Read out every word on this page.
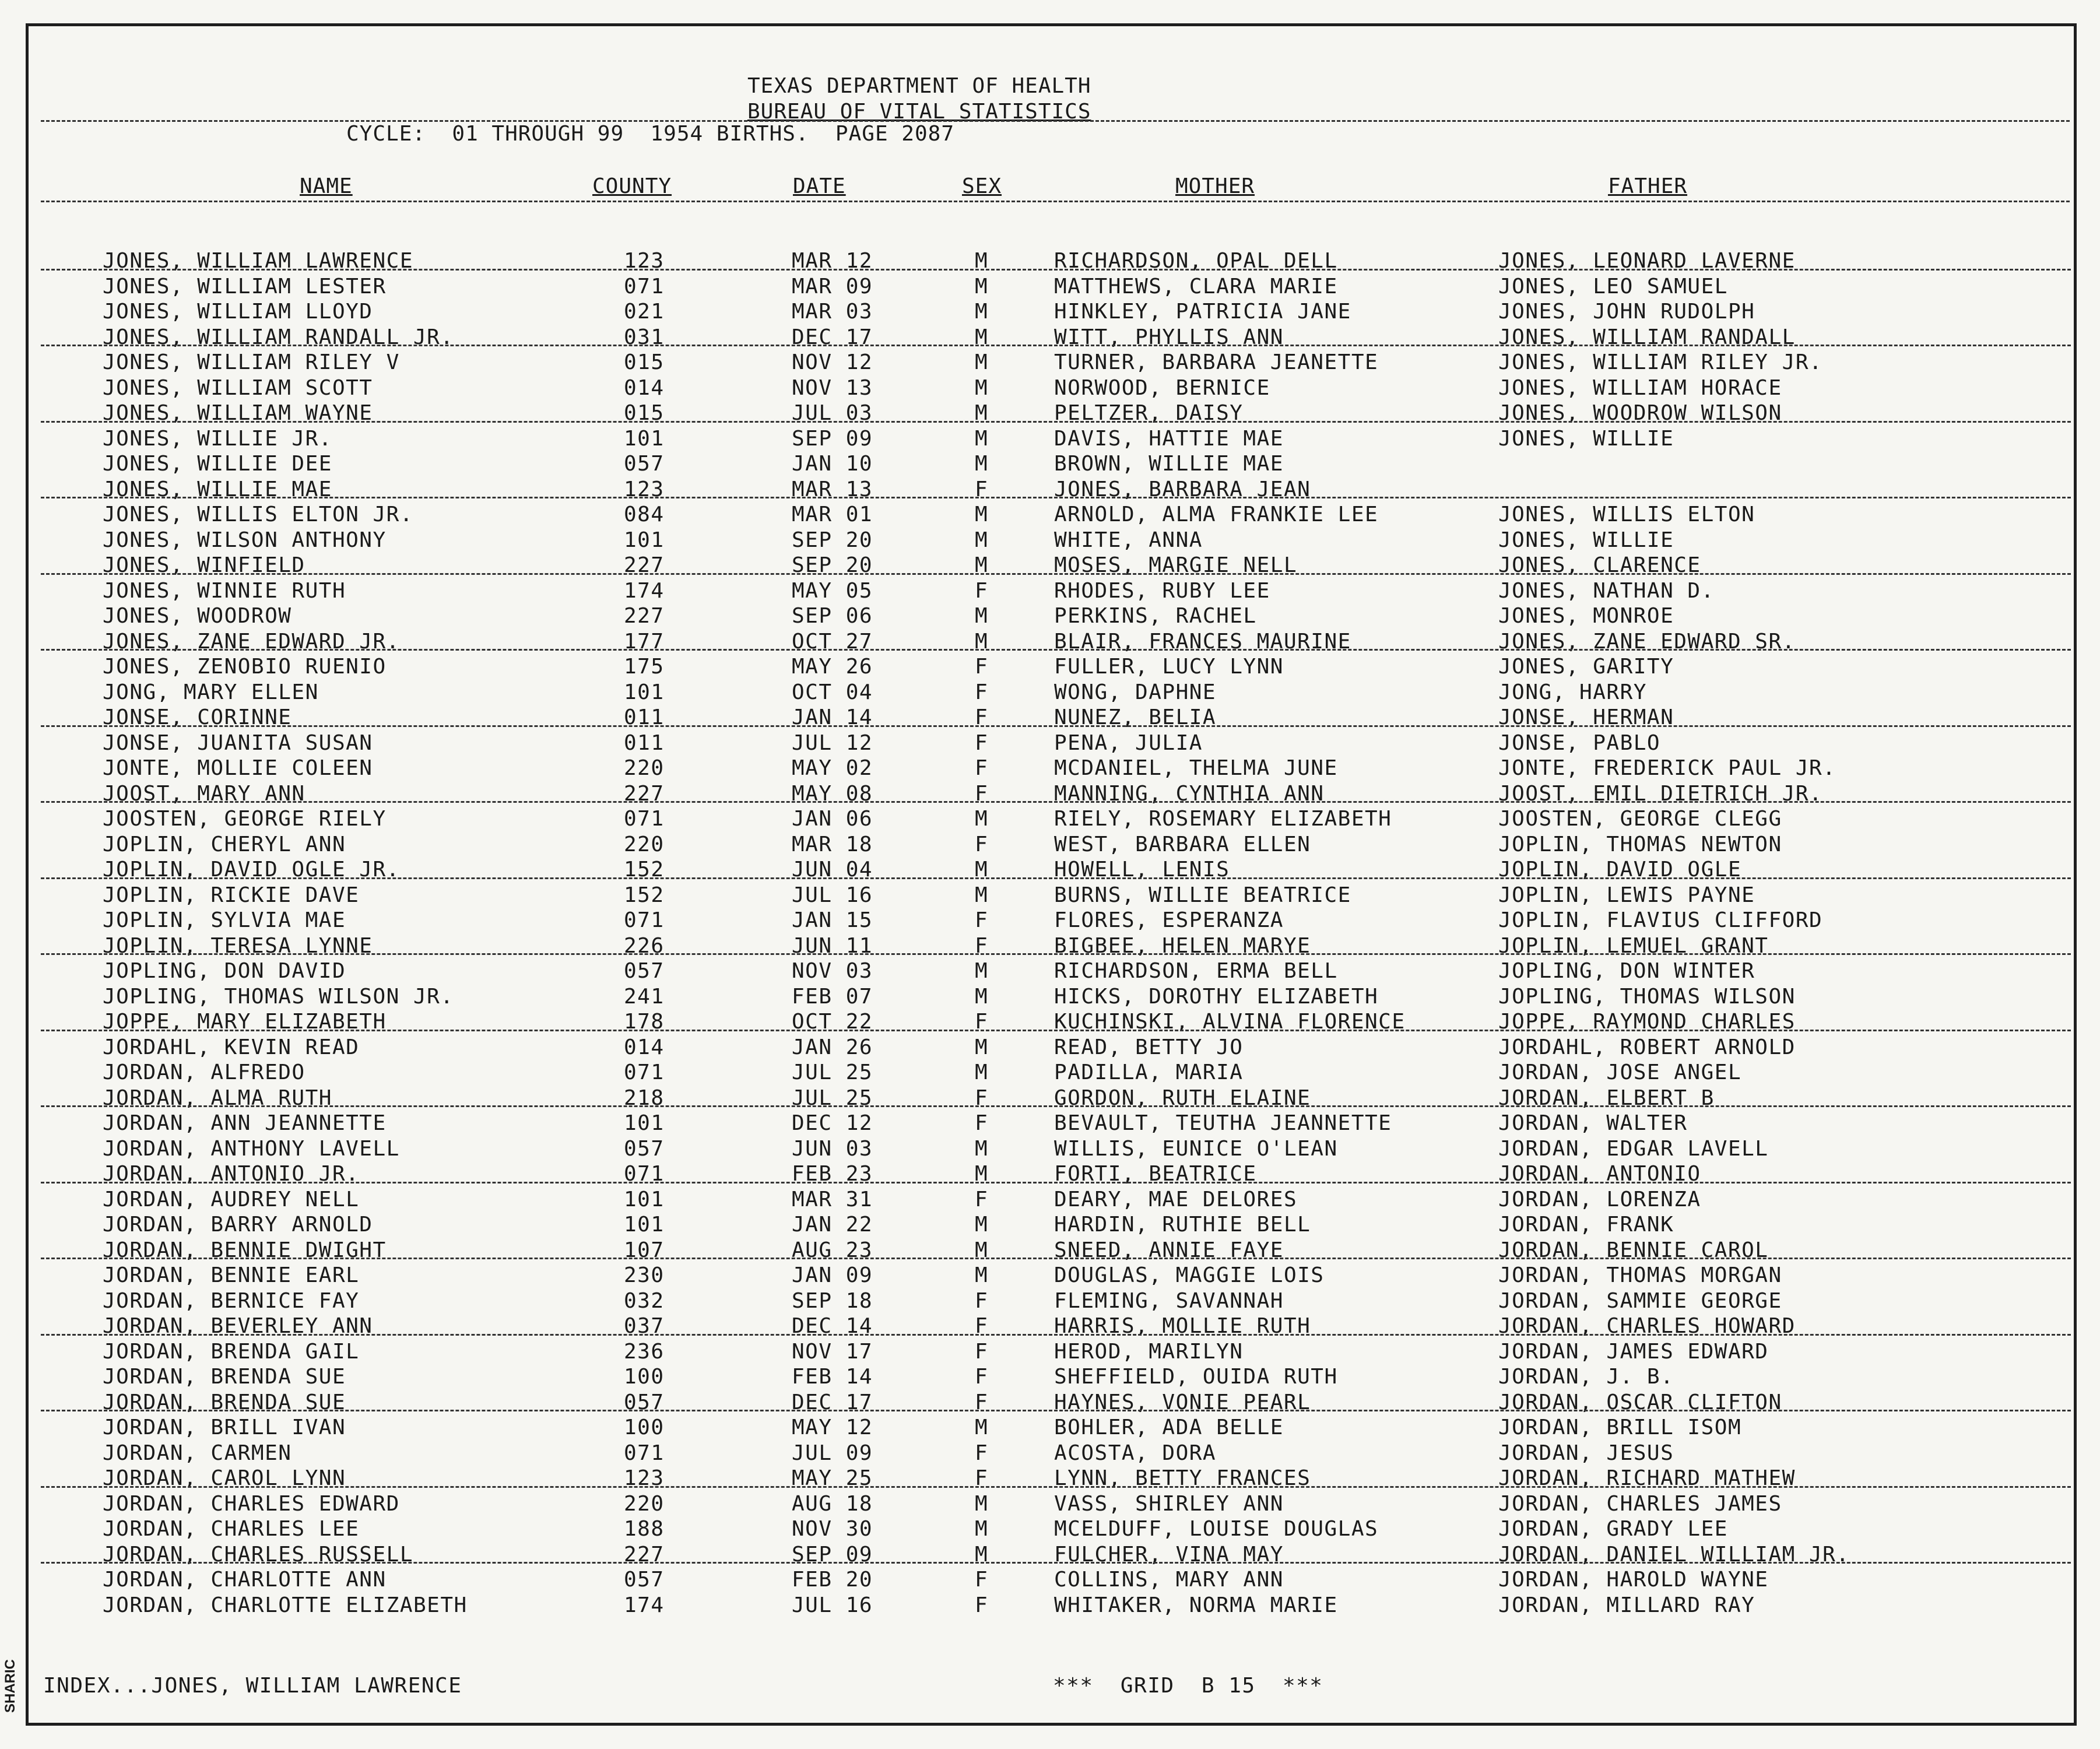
TEXAS DEPARTMENT OF HEALTH
BUREAU OF VITAL STATISTICS
CYCLE:  01 THROUGH 99  1954 BIRTHS.  PAGE 2087
NAME	COUNTY	DATE	SEX	MOTHER	FATHER
JONES, WILLIAM LAWRENCE	123	MAR 12	M	RICHARDSON, OPAL DELL	JONES, LEONARD LAVERNE
JONES, WILLIAM LESTER	071	MAR 09	M	MATTHEWS, CLARA MARIE	JONES, LEO SAMUEL
JONES, WILLIAM LLOYD	021	MAR 03	M	HINKLEY, PATRICIA JANE	JONES, JOHN RUDOLPH
JONES, WILLIAM RANDALL JR.	031	DEC 17	M	WITT, PHYLLIS ANN	JONES, WILLIAM RANDALL
JONES, WILLIAM RILEY V	015	NOV 12	M	TURNER, BARBARA JEANETTE	JONES, WILLIAM RILEY JR.
JONES, WILLIAM SCOTT	014	NOV 13	M	NORWOOD, BERNICE	JONES, WILLIAM HORACE
JONES, WILLIAM WAYNE	015	JUL 03	M	PELTZER, DAISY	JONES, WOODROW WILSON
JONES, WILLIE JR.	101	SEP 09	M	DAVIS, HATTIE MAE	JONES, WILLIE
JONES, WILLIE DEE	057	JAN 10	M	BROWN, WILLIE MAE
JONES, WILLIE MAE	123	MAR 13	F	JONES, BARBARA JEAN
JONES, WILLIS ELTON JR.	084	MAR 01	M	ARNOLD, ALMA FRANKIE LEE	JONES, WILLIS ELTON
JONES, WILSON ANTHONY	101	SEP 20	M	WHITE, ANNA	JONES, WILLIE
JONES, WINFIELD	227	SEP 20	M	MOSES, MARGIE NELL	JONES, CLARENCE
JONES, WINNIE RUTH	174	MAY 05	F	RHODES, RUBY LEE	JONES, NATHAN D.
JONES, WOODROW	227	SEP 06	M	PERKINS, RACHEL	JONES, MONROE
JONES, ZANE EDWARD JR.	177	OCT 27	M	BLAIR, FRANCES MAURINE	JONES, ZANE EDWARD SR.
JONES, ZENOBIO RUENIO	175	MAY 26	F	FULLER, LUCY LYNN	JONES, GARITY
JONG, MARY ELLEN	101	OCT 04	F	WONG, DAPHNE	JONG, HARRY
JONSE, CORINNE	011	JAN 14	F	NUNEZ, BELIA	JONSE, HERMAN
JONSE, JUANITA SUSAN	011	JUL 12	F	PENA, JULIA	JONSE, PABLO
JONTE, MOLLIE COLEEN	220	MAY 02	F	MCDANIEL, THELMA JUNE	JONTE, FREDERICK PAUL JR.
JOOST, MARY ANN	227	MAY 08	F	MANNING, CYNTHIA ANN	JOOST, EMIL DIETRICH JR.
JOOSTEN, GEORGE RIELY	071	JAN 06	M	RIELY, ROSEMARY ELIZABETH	JOOSTEN, GEORGE CLEGG
JOPLIN, CHERYL ANN	220	MAR 18	F	WEST, BARBARA ELLEN	JOPLIN, THOMAS NEWTON
JOPLIN, DAVID OGLE JR.	152	JUN 04	M	HOWELL, LENIS	JOPLIN, DAVID OGLE
JOPLIN, RICKIE DAVE	152	JUL 16	M	BURNS, WILLIE BEATRICE	JOPLIN, LEWIS PAYNE
JOPLIN, SYLVIA MAE	071	JAN 15	F	FLORES, ESPERANZA	JOPLIN, FLAVIUS CLIFFORD
JOPLIN, TERESA LYNNE	226	JUN 11	F	BIGBEE, HELEN MARYE	JOPLIN, LEMUEL GRANT
JOPLING, DON DAVID	057	NOV 03	M	RICHARDSON, ERMA BELL	JOPLING, DON WINTER
JOPLING, THOMAS WILSON JR.	241	FEB 07	M	HICKS, DOROTHY ELIZABETH	JOPLING, THOMAS WILSON
JOPPE, MARY ELIZABETH	178	OCT 22	F	KUCHINSKI, ALVINA FLORENCE	JOPPE, RAYMOND CHARLES
JORDAHL, KEVIN READ	014	JAN 26	M	READ, BETTY JO	JORDAHL, ROBERT ARNOLD
JORDAN, ALFREDO	071	JUL 25	M	PADILLA, MARIA	JORDAN, JOSE ANGEL
JORDAN, ALMA RUTH	218	JUL 25	F	GORDON, RUTH ELAINE	JORDAN, ELBERT B
JORDAN, ANN JEANNETTE	101	DEC 12	F	BEVAULT, TEUTHA JEANNETTE	JORDAN, WALTER
JORDAN, ANTHONY LAVELL	057	JUN 03	M	WILLIS, EUNICE O'LEAN	JORDAN, EDGAR LAVELL
JORDAN, ANTONIO JR.	071	FEB 23	M	FORTI, BEATRICE	JORDAN, ANTONIO
JORDAN, AUDREY NELL	101	MAR 31	F	DEARY, MAE DELORES	JORDAN, LORENZA
JORDAN, BARRY ARNOLD	101	JAN 22	M	HARDIN, RUTHIE BELL	JORDAN, FRANK
JORDAN, BENNIE DWIGHT	107	AUG 23	M	SNEED, ANNIE FAYE	JORDAN, BENNIE CAROL
JORDAN, BENNIE EARL	230	JAN 09	M	DOUGLAS, MAGGIE LOIS	JORDAN, THOMAS MORGAN
JORDAN, BERNICE FAY	032	SEP 18	F	FLEMING, SAVANNAH	JORDAN, SAMMIE GEORGE
JORDAN, BEVERLEY ANN	037	DEC 14	F	HARRIS, MOLLIE RUTH	JORDAN, CHARLES HOWARD
JORDAN, BRENDA GAIL	236	NOV 17	F	HEROD, MARILYN	JORDAN, JAMES EDWARD
JORDAN, BRENDA SUE	100	FEB 14	F	SHEFFIELD, OUIDA RUTH	JORDAN, J. B.
JORDAN, BRENDA SUE	057	DEC 17	F	HAYNES, VONIE PEARL	JORDAN, OSCAR CLIFTON
JORDAN, BRILL IVAN	100	MAY 12	M	BOHLER, ADA BELLE	JORDAN, BRILL ISOM
JORDAN, CARMEN	071	JUL 09	F	ACOSTA, DORA	JORDAN, JESUS
JORDAN, CAROL LYNN	123	MAY 25	F	LYNN, BETTY FRANCES	JORDAN, RICHARD MATHEW
JORDAN, CHARLES EDWARD	220	AUG 18	M	VASS, SHIRLEY ANN	JORDAN, CHARLES JAMES
JORDAN, CHARLES LEE	188	NOV 30	M	MCELDUFF, LOUISE DOUGLAS	JORDAN, GRADY LEE
JORDAN, CHARLES RUSSELL	227	SEP 09	M	FULCHER, VINA MAY	JORDAN, DANIEL WILLIAM JR.
JORDAN, CHARLOTTE ANN	057	FEB 20	F	COLLINS, MARY ANN	JORDAN, HAROLD WAYNE
JORDAN, CHARLOTTE ELIZABETH	174	JUL 16	F	WHITAKER, NORMA MARIE	JORDAN, MILLARD RAY
INDEX...JONES, WILLIAM LAWRENCE	***  GRID  B 15  ***
SHARIC
